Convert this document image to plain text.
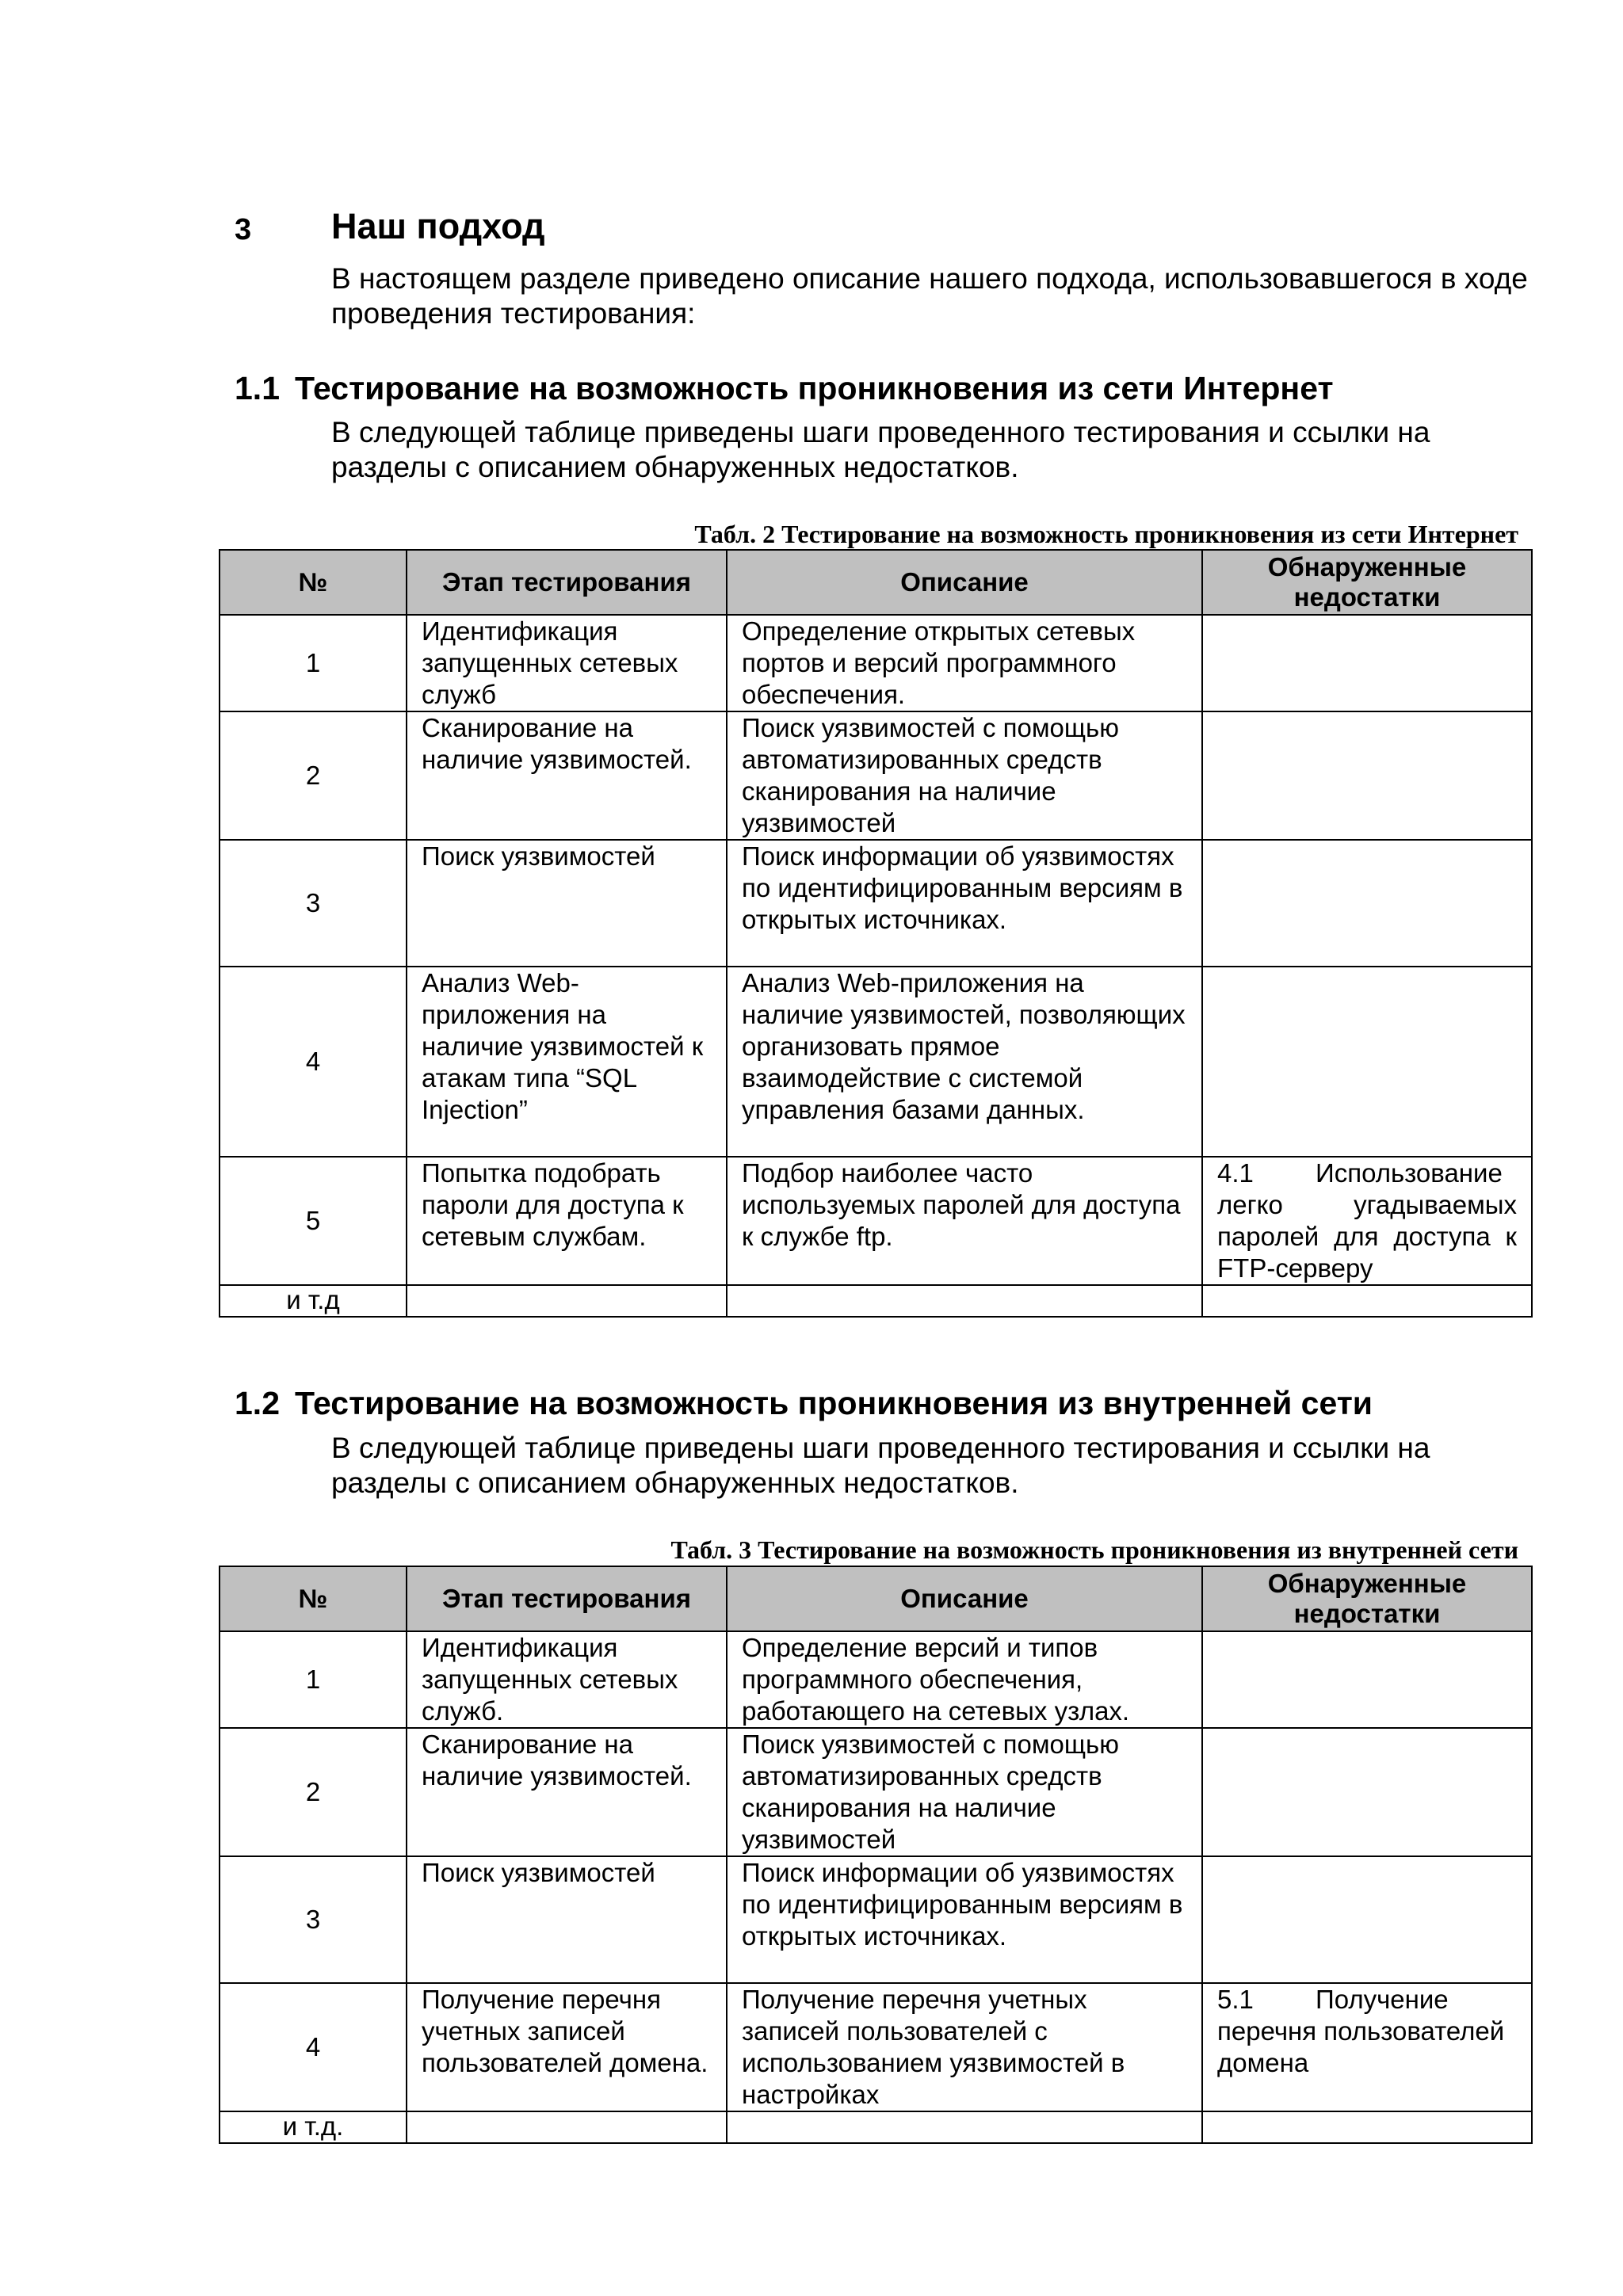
3 Наш подход
В настоящем разделе приведено описание нашего подхода, использовавшегося в ходе проведения тестирования:
1.1 Тестирование на возможность проникновения из сети Интернет
В следующей таблице приведены шаги проведенного тестирования и ссылки на разделы с описанием обнаруженных недостатков.
Табл. 2 Тестирование на возможность проникновения из сети Интернет
№	Этап тестирования	Описание	Обнаруженные недостатки
1	Идентификация запущенных сетевых служб	Определение открытых сетевых портов и версий программного обеспечения.	
2	Сканирование на наличие уязвимостей.	Поиск уязвимостей с помощью автоматизированных средств сканирования на наличие уязвимостей	
3	Поиск уязвимостей	Поиск информации об уязвимостях по идентифицированным версиям в открытых источниках.	
4	Анализ Web-приложения на наличие уязвимостей к атакам типа “SQL Injection”	Анализ Web-приложения на наличие уязвимостей, позволяющих организовать прямое взаимодействие с системой управления базами данных.	
5	Попытка подобрать пароли для доступа к сетевым службам.	Подбор наиболее часто используемых паролей для доступа к службе ftp.	4.1 Использование легко угадываемых паролей для доступа к FTP-серверу

и т.д			
1.2 Тестирование на возможность проникновения из внутренней сети
В следующей таблице приведены шаги проведенного тестирования и ссылки на разделы с описанием обнаруженных недостатков.
Табл. 3 Тестирование на возможность проникновения из внутренней сети
№	Этап тестирования	Описание	Обнаруженные недостатки
1	Идентификация запущенных сетевых служб.	Определение версий и типов программного обеспечения, работающего на сетевых узлах.	
2	Сканирование на наличие уязвимостей.	Поиск уязвимостей с помощью автоматизированных средств сканирования на наличие уязвимостей	
3	Поиск уязвимостей	Поиск информации об уязвимостях по идентифицированным версиям в открытых источниках.	
4	Получение перечня учетных записей пользователей домена.	Получение перечня учетных записей пользователей с использованием уязвимостей в настройках	5.1 Получение перечня пользователей домена

и т.д.			
